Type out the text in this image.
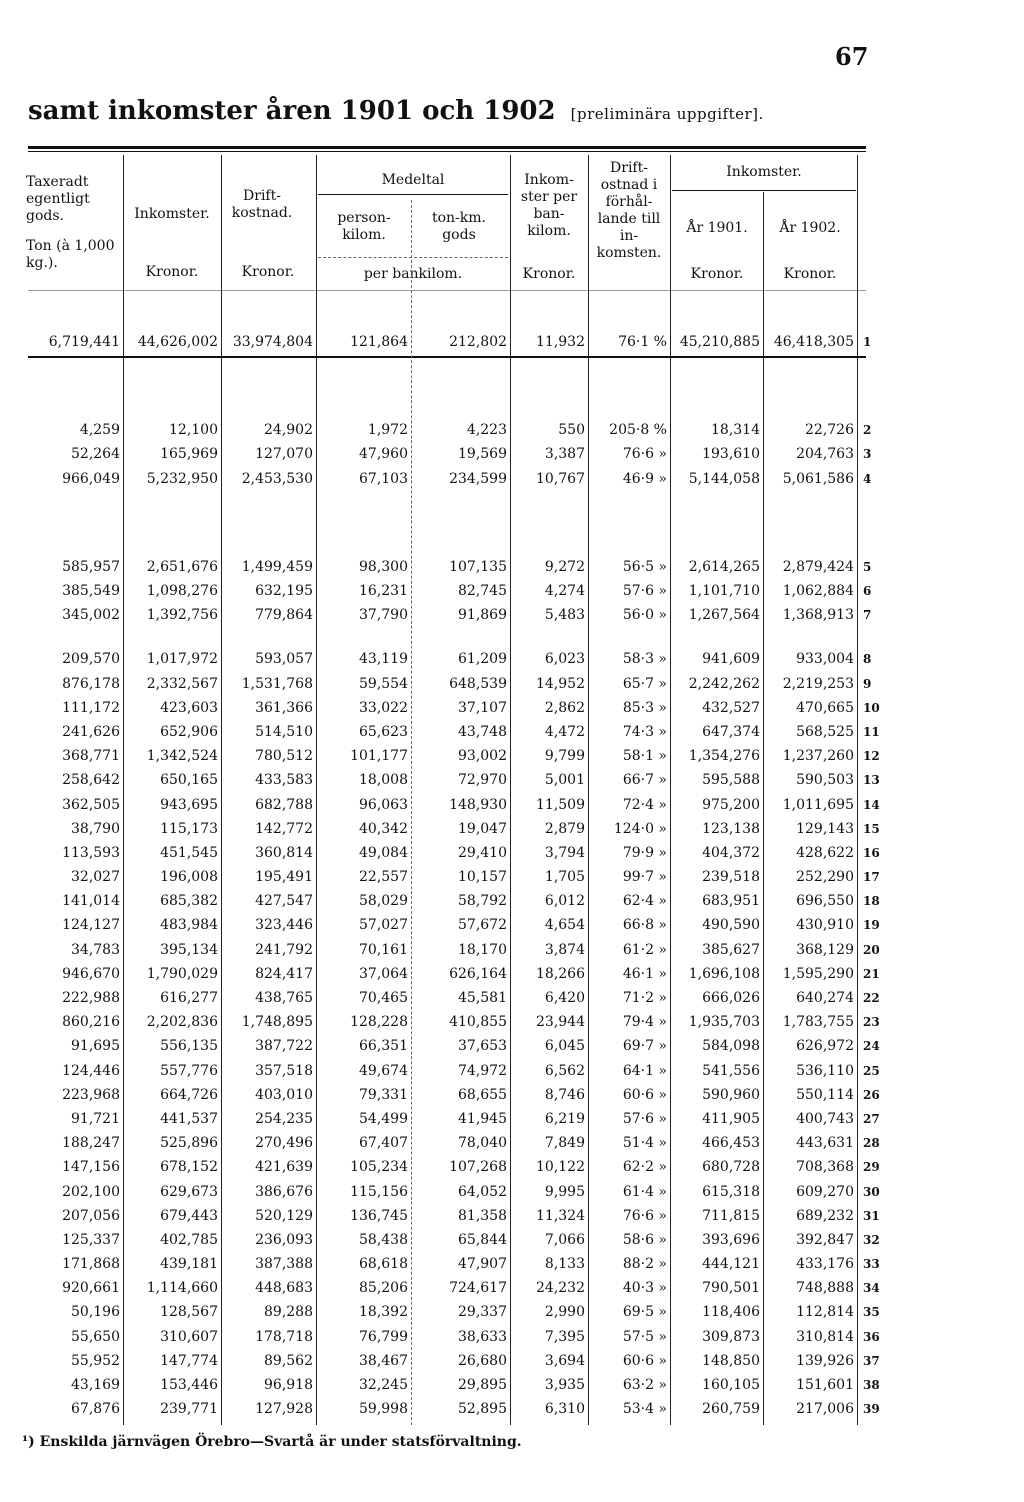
67
samt inkomster åren 1901 och 1902 [preliminära uppgifter].
Taxeradt egentligt gods.
Ton (à 1,000 kg.).
Inkomster.
Kronor.
Drift-kostnad.
Kronor.
Medeltal
person-kilom.
ton-km. gods
per bankilom.
Inkom-ster per ban-kilom.
Kronor.
Drift-ostnad i förhål-lande till in-komsten.
Inkomster.
År 1901.	År 1902.
Kronor.	Kronor.
6,719,441	44,626,002	33,974,804	121,864	212,802	11,932	76·1 %	45,210,885	46,418,305	1

4,259	12,100	24,902	1,972	4,223	550	205·8 %	18,314	22,726	2
52,264	165,969	127,070	47,960	19,569	3,387	76·6 »	193,610	204,763	3
966,049	5,232,950	2,453,530	67,103	234,599	10,767	46·9 »	5,144,058	5,061,586	4

585,957	2,651,676	1,499,459	98,300	107,135	9,272	56·5 »	2,614,265	2,879,424	5
385,549	1,098,276	632,195	16,231	82,745	4,274	57·6 »	1,101,710	1,062,884	6
345,002	1,392,756	779,864	37,790	91,869	5,483	56·0 »	1,267,564	1,368,913	7

209,570	1,017,972	593,057	43,119	61,209	6,023	58·3 »	941,609	933,004	8
876,178	2,332,567	1,531,768	59,554	648,539	14,952	65·7 »	2,242,262	2,219,253	9
111,172	423,603	361,366	33,022	37,107	2,862	85·3 »	432,527	470,665	10
241,626	652,906	514,510	65,623	43,748	4,472	74·3 »	647,374	568,525	11
368,771	1,342,524	780,512	101,177	93,002	9,799	58·1 »	1,354,276	1,237,260	12
258,642	650,165	433,583	18,008	72,970	5,001	66·7 »	595,588	590,503	13
362,505	943,695	682,788	96,063	148,930	11,509	72·4 »	975,200	1,011,695	14
38,790	115,173	142,772	40,342	19,047	2,879	124·0 »	123,138	129,143	15
113,593	451,545	360,814	49,084	29,410	3,794	79·9 »	404,372	428,622	16
32,027	196,008	195,491	22,557	10,157	1,705	99·7 »	239,518	252,290	17
141,014	685,382	427,547	58,029	58,792	6,012	62·4 »	683,951	696,550	18
124,127	483,984	323,446	57,027	57,672	4,654	66·8 »	490,590	430,910	19
34,783	395,134	241,792	70,161	18,170	3,874	61·2 »	385,627	368,129	20
946,670	1,790,029	824,417	37,064	626,164	18,266	46·1 »	1,696,108	1,595,290	21
222,988	616,277	438,765	70,465	45,581	6,420	71·2 »	666,026	640,274	22
860,216	2,202,836	1,748,895	128,228	410,855	23,944	79·4 »	1,935,703	1,783,755	23
91,695	556,135	387,722	66,351	37,653	6,045	69·7 »	584,098	626,972	24
124,446	557,776	357,518	49,674	74,972	6,562	64·1 »	541,556	536,110	25
223,968	664,726	403,010	79,331	68,655	8,746	60·6 »	590,960	550,114	26
91,721	441,537	254,235	54,499	41,945	6,219	57·6 »	411,905	400,743	27
188,247	525,896	270,496	67,407	78,040	7,849	51·4 »	466,453	443,631	28
147,156	678,152	421,639	105,234	107,268	10,122	62·2 »	680,728	708,368	29
202,100	629,673	386,676	115,156	64,052	9,995	61·4 »	615,318	609,270	30
207,056	679,443	520,129	136,745	81,358	11,324	76·6 »	711,815	689,232	31
125,337	402,785	236,093	58,438	65,844	7,066	58·6 »	393,696	392,847	32
171,868	439,181	387,388	68,618	47,907	8,133	88·2 »	444,121	433,176	33
920,661	1,114,660	448,683	85,206	724,617	24,232	40·3 »	790,501	748,888	34
50,196	128,567	89,288	18,392	29,337	2,990	69·5 »	118,406	112,814	35
55,650	310,607	178,718	76,799	38,633	7,395	57·5 »	309,873	310,814	36
55,952	147,774	89,562	38,467	26,680	3,694	60·6 »	148,850	139,926	37
43,169	153,446	96,918	32,245	29,895	3,935	63·2 »	160,105	151,601	38
67,876	239,771	127,928	59,998	52,895	6,310	53·4 »	260,759	217,006	39
¹) Enskilda järnvägen Örebro—Svartå är under statsförvaltning.
